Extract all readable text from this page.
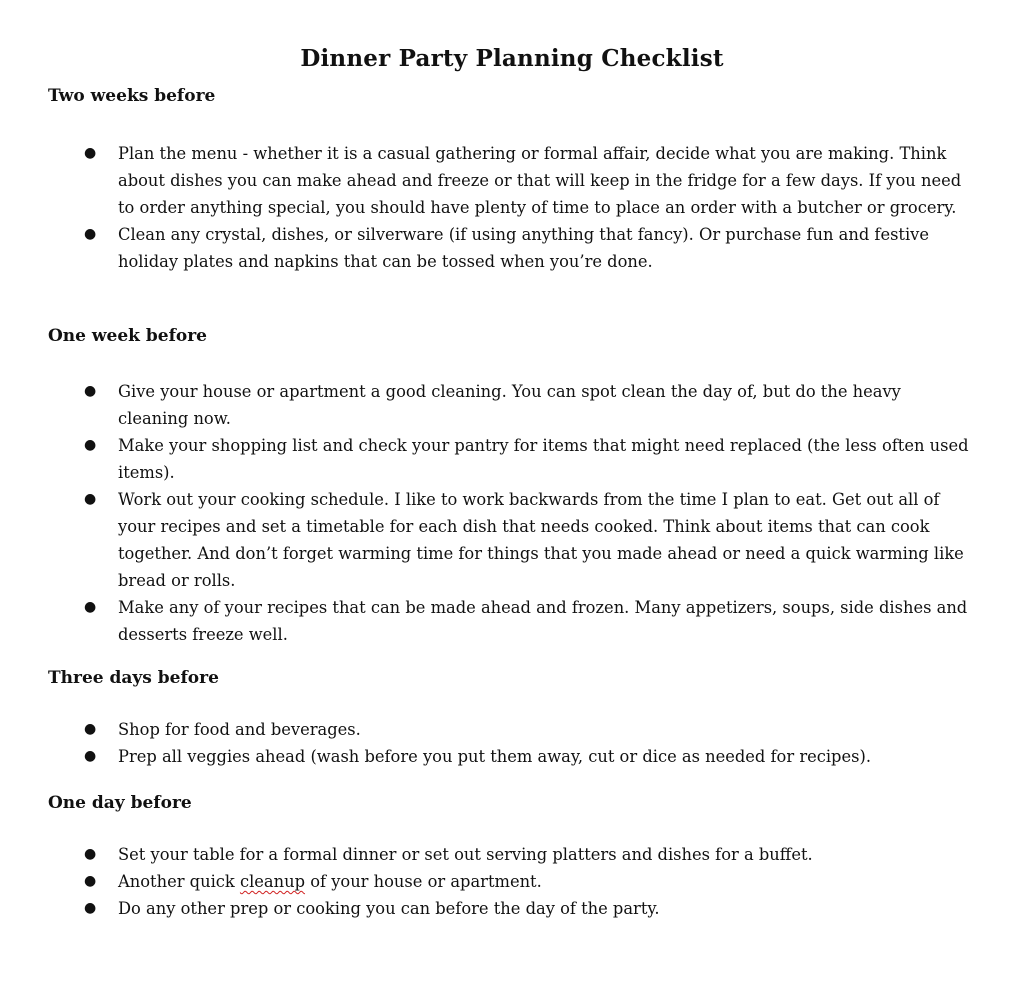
Dinner Party Planning Checklist
Two weeks before
● Plan the menu - whether it is a casual gathering or formal affair, decide what you are making. Think about dishes you can make ahead and freeze or that will keep in the fridge for a few days. If you need to order anything special, you should have plenty of time to place an order with a butcher or grocery.
● Clean any crystal, dishes, or silverware (if using anything that fancy). Or purchase fun and festive holiday plates and napkins that can be tossed when you’re done.
One week before
● Give your house or apartment a good cleaning. You can spot clean the day of, but do the heavy cleaning now.
● Make your shopping list and check your pantry for items that might need replaced (the less often used items).
● Work out your cooking schedule. I like to work backwards from the time I plan to eat. Get out all of your recipes and set a timetable for each dish that needs cooked. Think about items that can cook together. And don’t forget warming time for things that you made ahead or need a quick warming like bread or rolls.
● Make any of your recipes that can be made ahead and frozen. Many appetizers, soups, side dishes and desserts freeze well.
Three days before
● Shop for food and beverages.
● Prep all veggies ahead (wash before you put them away, cut or dice as needed for recipes).
One day before
● Set your table for a formal dinner or set out serving platters and dishes for a buffet.
● Another quick cleanup of your house or apartment.
● Do any other prep or cooking you can before the day of the party.
